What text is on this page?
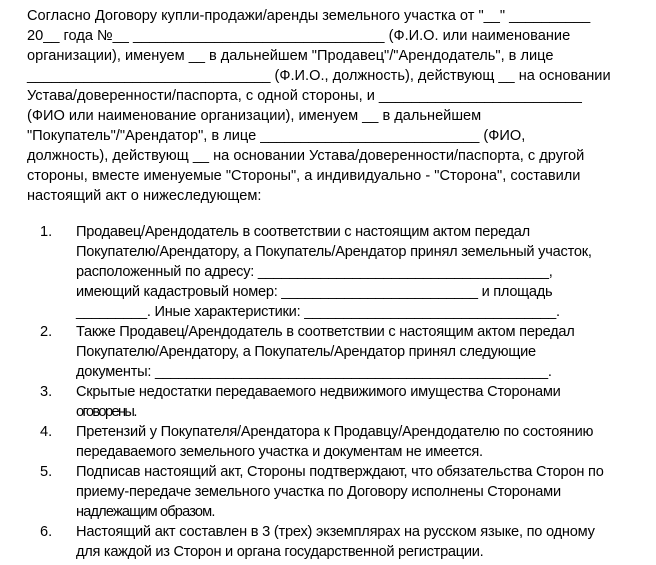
Согласно Договору купли-продажи/аренды земельного участка от "__" __________
20__ года №__ _______________________________ (Ф.И.О. или наименование
организации), именуем __ в дальнейшем "Продавец"/"Арендодатель", в лице
______________________________ (Ф.И.О., должность), действующ __ на основании
Устава/доверенности/паспорта, с одной стороны, и _________________________
(ФИО или наименование организации), именуем __ в дальнейшем
"Покупатель"/"Арендатор", в лице ___________________________ (ФИО,
должность), действующ __ на основании Устава/доверенности/паспорта, с другой
стороны, вместе именуемые "Стороны", а индивидуально - "Сторона", составили
настоящий акт о нижеследующем:
1.	Продавец/Арендодатель в соответствии с настоящим актом передал
Покупателю/Арендатору, а Покупатель/Арендатор принял земельный участок,
расположенный по адресу: _____________________________________,
имеющий кадастровый номер: _________________________ и площадь
_________. Иные характеристики: ________________________________.
2.	Также Продавец/Арендодатель в соответствии с настоящим актом передал
Покупателю/Арендатору, а Покупатель/Арендатор принял следующие
документы: __________________________________________________.
3.	Скрытые недостатки передаваемого недвижимого имущества Сторонами
оговорены.
4.	Претензий у Покупателя/Арендатора к Продавцу/Арендодателю по состоянию
передаваемого земельного участка и документам не имеется.
5.	Подписав настоящий акт, Стороны подтверждают, что обязательства Сторон по
приему-передаче земельного участка по Договору исполнены Сторонами
надлежащим образом.
6.	Настоящий акт составлен в 3 (трех) экземплярах на русском языке, по одному
для каждой из Сторон и органа государственной регистрации.
